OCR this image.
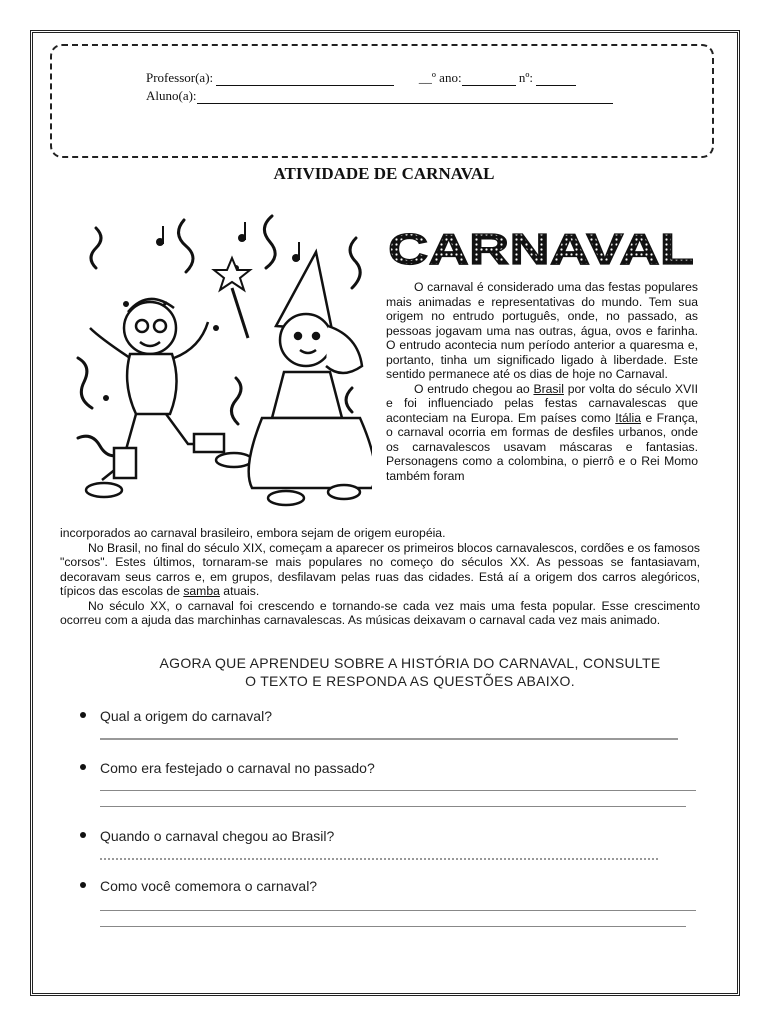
Professor(a):	__º ano:	nº:
Aluno(a):
ATIVIDADE DE CARNAVAL
CARNAVAL

O carnaval é considerado uma das festas populares mais animadas e representativas do mundo. Tem sua origem no entrudo português, onde, no passado, as pessoas jogavam uma nas outras, água, ovos e farinha. O entrudo acontecia num período anterior a quaresma e, portanto, tinha um significado ligado à liberdade. Este sentido permanece até os dias de hoje no Carnaval.

O entrudo chegou ao Brasil por volta do século XVII e foi influenciado pelas festas carnavalescas que aconteciam na Europa. Em países como Itália e França, o carnaval ocorria em formas de desfiles urbanos, onde os carnavalescos usavam máscaras e fantasias. Personagens como a colombina, o pierrô e o Rei Momo também foram

incorporados ao carnaval brasileiro, embora sejam de origem européia.

No Brasil, no final do século XIX, começam a aparecer os primeiros blocos carnavalescos, cordões e os famosos "corsos". Estes últimos, tornaram-se mais populares no começo do séculos XX. As pessoas se fantasiavam, decoravam seus carros e, em grupos, desfilavam pelas ruas das cidades. Está aí a origem dos carros alegóricos, típicos das escolas de samba atuais.

No século XX, o carnaval foi crescendo e tornando-se cada vez mais uma festa popular. Esse crescimento ocorreu com a ajuda das marchinhas carnavalescas. As músicas deixavam o carnaval cada vez mais animado.

AGORA QUE APRENDEU SOBRE A HISTÓRIA DO CARNAVAL, CONSULTE
O TEXTO E RESPONDA AS QUESTÕES ABAIXO.
Qual a origem do carnaval?
Como era festejado o carnaval no passado?
Quando o carnaval chegou ao Brasil?
Como você comemora o carnaval?
